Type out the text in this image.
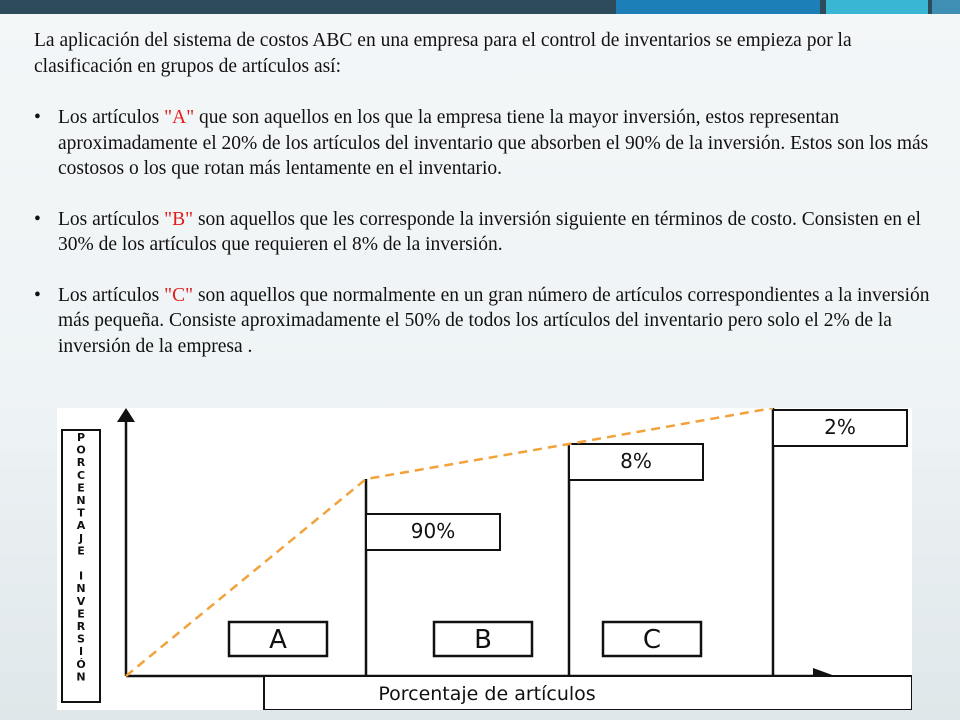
La aplicación del sistema de costos ABC en una empresa para el control de inventarios se empieza por la clasificación en grupos de artículos así:

• Los artículos "A" que son aquellos en los que la empresa tiene la mayor inversión, estos representan aproximadamente el 20% de los artículos del inventario que absorben el 90% de la inversión. Estos son los más costosos o los que rotan más lentamente en el inventario.

• Los artículos "B" son aquellos que les corresponde la inversión siguiente en términos de costo. Consisten en el 30% de los artículos que requieren el 8% de la inversión.

• Los artículos "C" son aquellos que normalmente en un gran número de artículos correspondientes a la inversión más pequeña. Consiste aproximadamente el 50% de todos los artículos del inventario pero solo el 2% de la inversión de la empresa .

P
O
R
C
E
N
T
A
J
E
I
N
V
E
R
S
I
Ó
N
Porcentaje de artículos
90%
8%
2%
A	B	C
